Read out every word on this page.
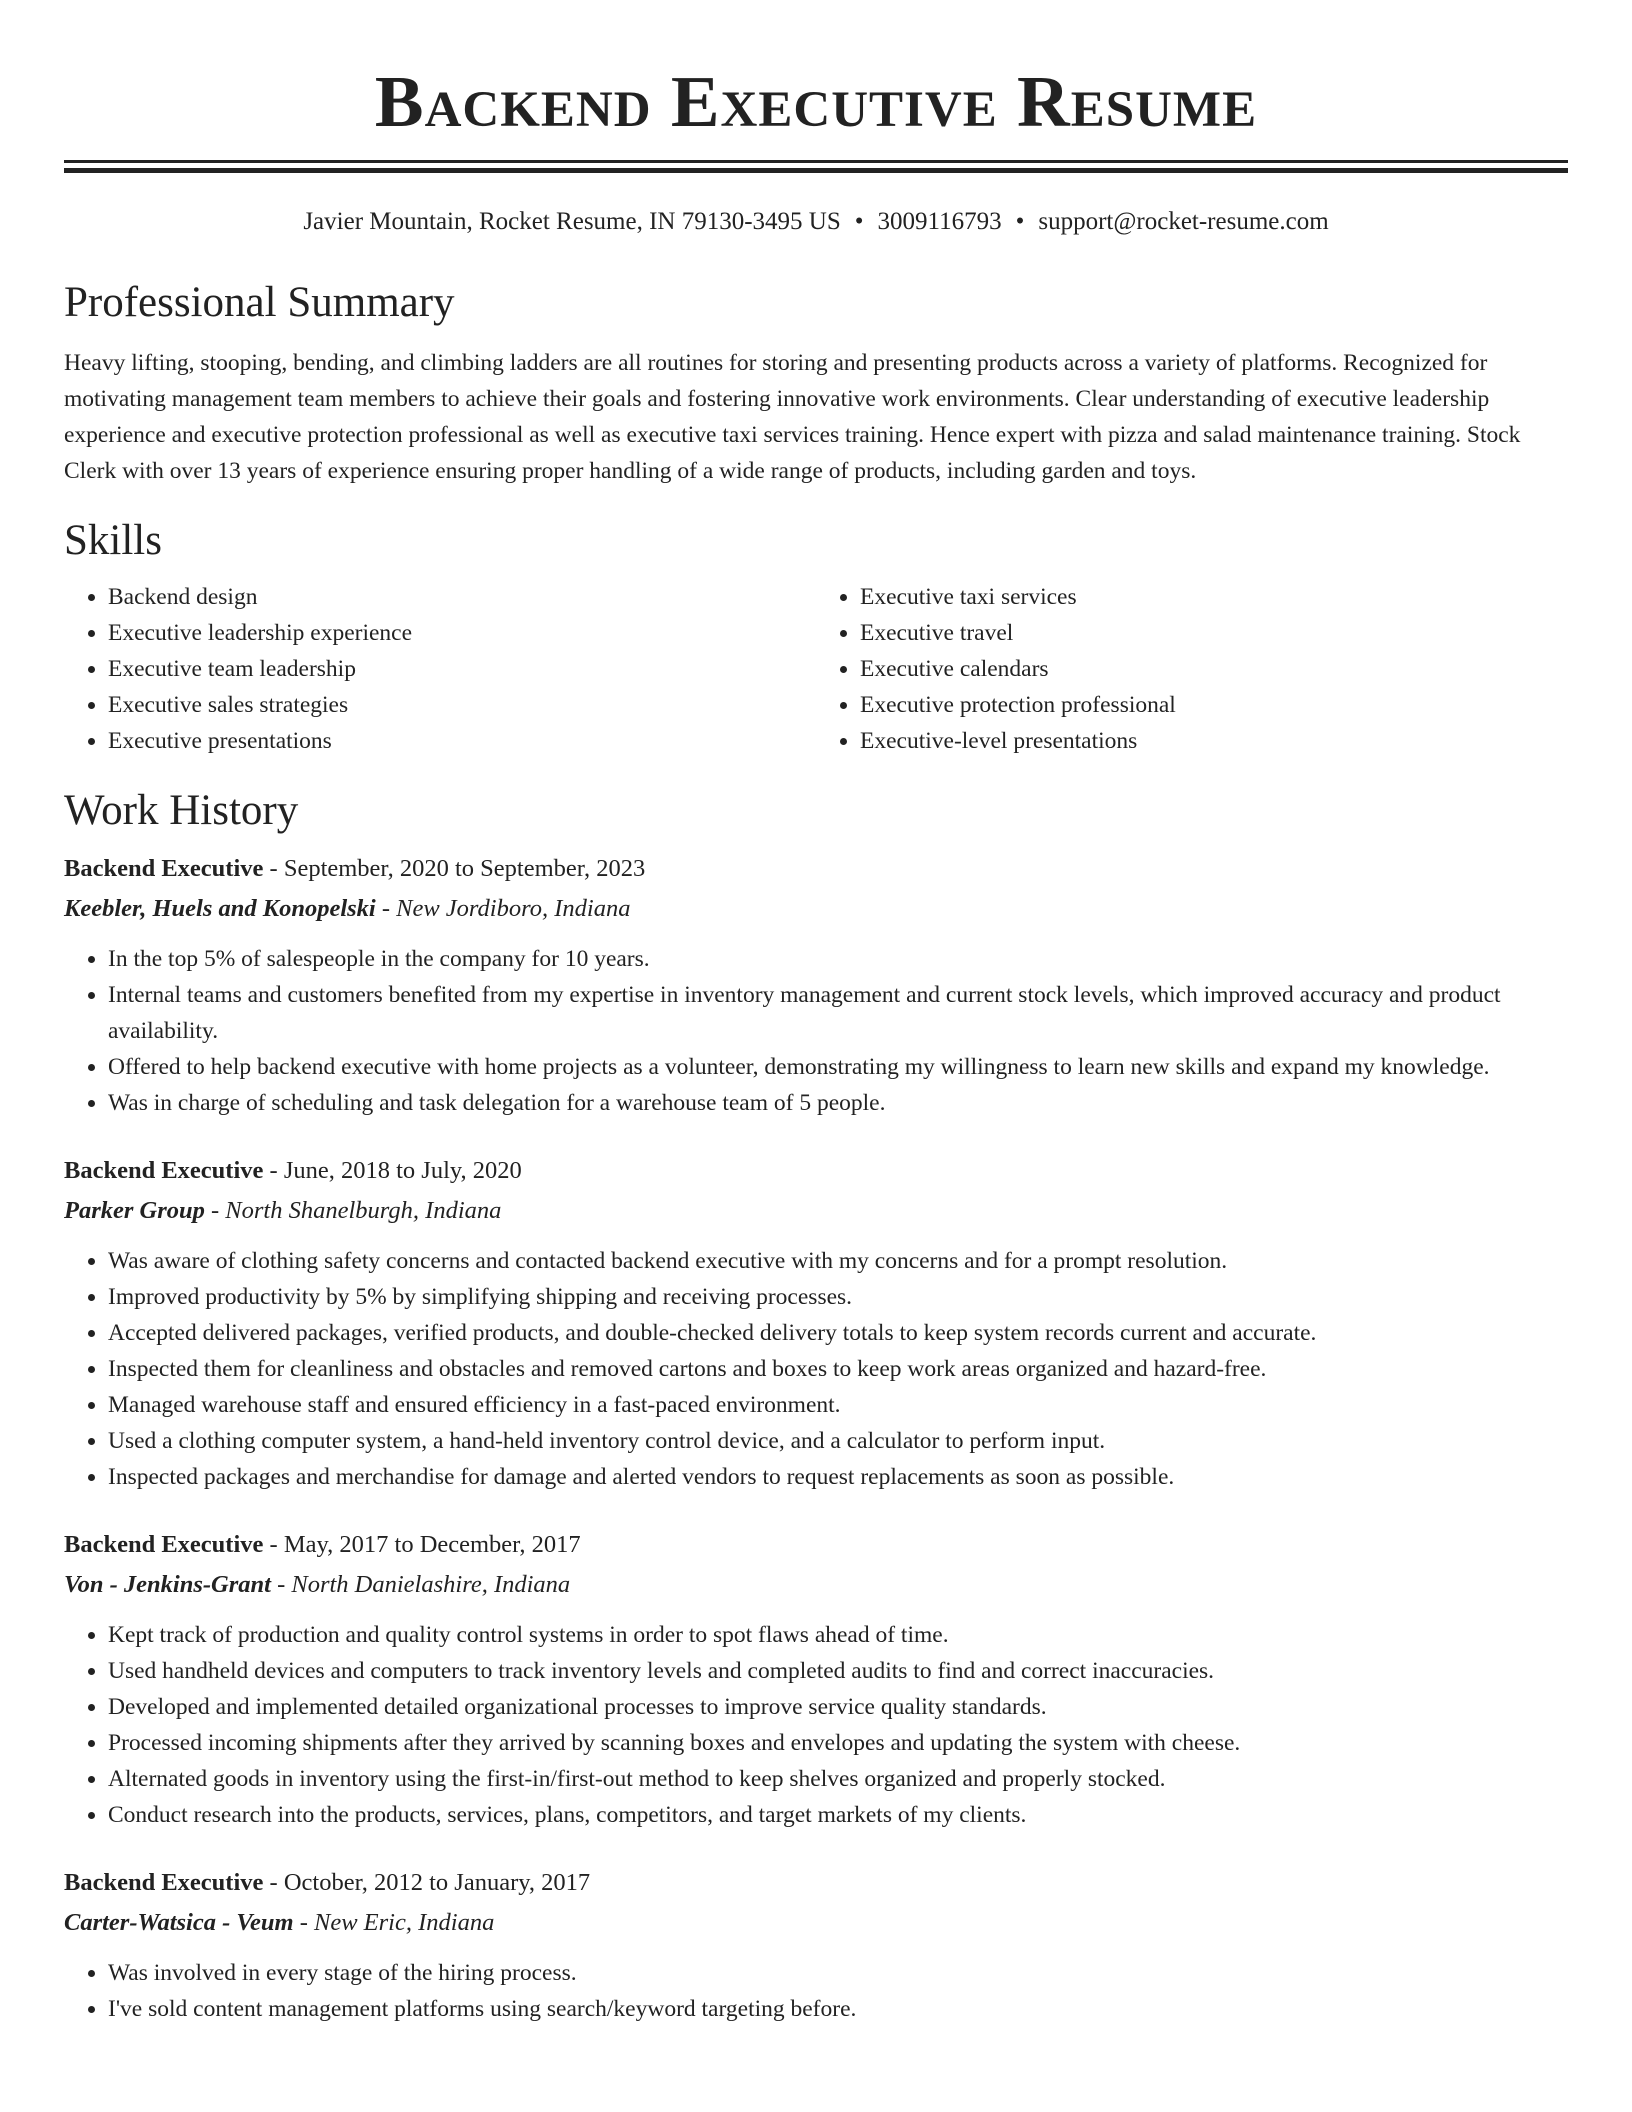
Backend Executive Resume
Javier Mountain, Rocket Resume, IN 79130-3495 US • 3009116793 • support@rocket-resume.com
Professional Summary

Heavy lifting, stooping, bending, and climbing ladders are all routines for storing and presenting products across a variety of platforms. Recognized for motivating management team members to achieve their goals and fostering innovative work environments. Clear understanding of executive leadership experience and executive protection professional as well as executive taxi services training. Hence expert with pizza and salad maintenance training. Stock Clerk with over 13 years of experience ensuring proper handling of a wide range of products, including garden and toys.

Skills
• Backend design
• Executive leadership experience
• Executive team leadership
• Executive sales strategies
• Executive presentations
• Executive taxi services
• Executive travel
• Executive calendars
• Executive protection professional
• Executive-level presentations
Work History
Backend Executive - September, 2020 to September, 2023
Keebler, Huels and Konopelski - New Jordiboro, Indiana
• In the top 5% of salespeople in the company for 10 years.
• Internal teams and customers benefited from my expertise in inventory management and current stock levels, which improved accuracy and product availability.
• Offered to help backend executive with home projects as a volunteer, demonstrating my willingness to learn new skills and expand my knowledge.
• Was in charge of scheduling and task delegation for a warehouse team of 5 people.
Backend Executive - June, 2018 to July, 2020
Parker Group - North Shanelburgh, Indiana
• Was aware of clothing safety concerns and contacted backend executive with my concerns and for a prompt resolution.
• Improved productivity by 5% by simplifying shipping and receiving processes.
• Accepted delivered packages, verified products, and double-checked delivery totals to keep system records current and accurate.
• Inspected them for cleanliness and obstacles and removed cartons and boxes to keep work areas organized and hazard-free.
• Managed warehouse staff and ensured efficiency in a fast-paced environment.
• Used a clothing computer system, a hand-held inventory control device, and a calculator to perform input.
• Inspected packages and merchandise for damage and alerted vendors to request replacements as soon as possible.
Backend Executive - May, 2017 to December, 2017
Von - Jenkins-Grant - North Danielashire, Indiana
• Kept track of production and quality control systems in order to spot flaws ahead of time.
• Used handheld devices and computers to track inventory levels and completed audits to find and correct inaccuracies.
• Developed and implemented detailed organizational processes to improve service quality standards.
• Processed incoming shipments after they arrived by scanning boxes and envelopes and updating the system with cheese.
• Alternated goods in inventory using the first-in/first-out method to keep shelves organized and properly stocked.
• Conduct research into the products, services, plans, competitors, and target markets of my clients.
Backend Executive - October, 2012 to January, 2017
Carter-Watsica - Veum - New Eric, Indiana
• Was involved in every stage of the hiring process.
• I've sold content management platforms using search/keyword targeting before.
